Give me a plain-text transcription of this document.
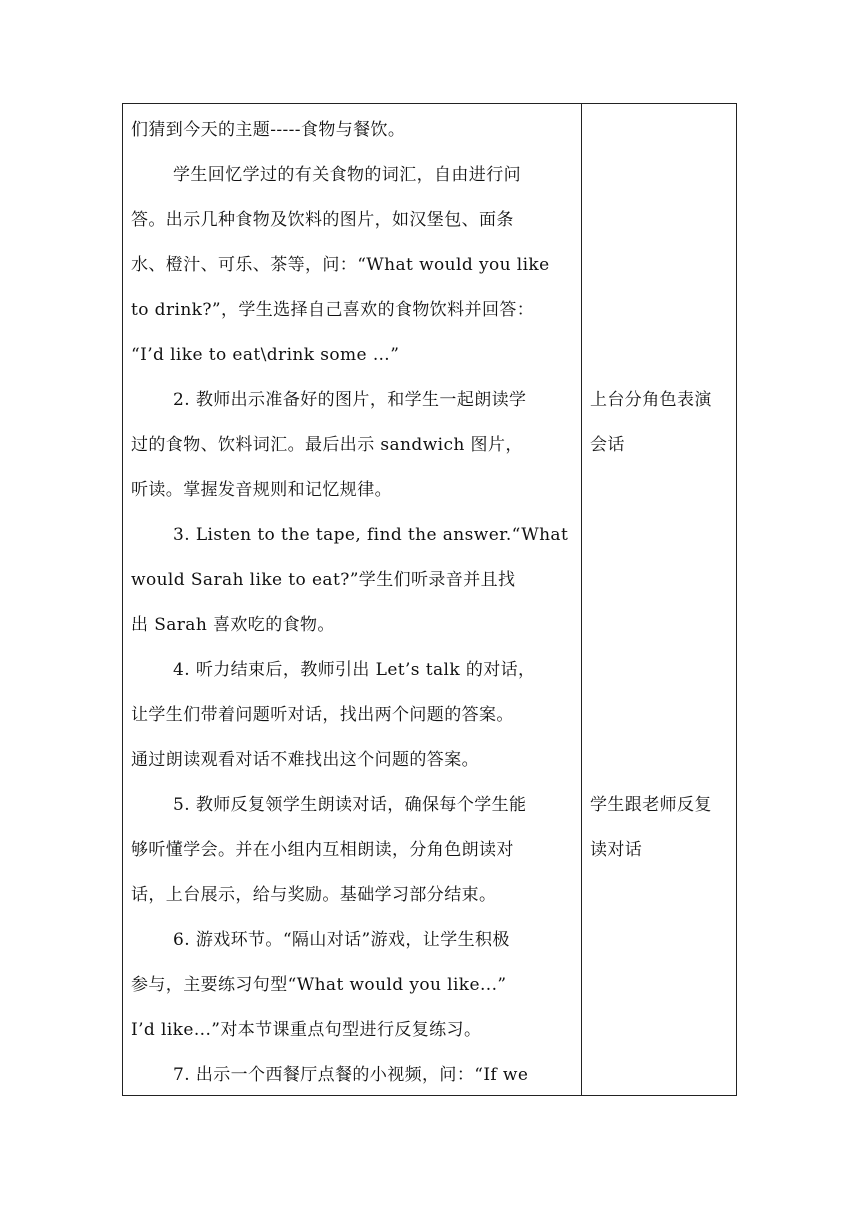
们猜到今天的主题-----食物与餐饮。
学生回忆学过的有关食物的词汇，自由进行问
答。出示几种食物及饮料的图片，如汉堡包、面条
水、橙汁、可乐、茶等，问：“What would you like
to drink?”，学生选择自己喜欢的食物饮料并回答：
“I’d like to eat\drink some …”
2. 教师出示准备好的图片，和学生一起朗读学
过的食物、饮料词汇。最后出示 sandwich 图片，
听读。掌握发音规则和记忆规律。
3. Listen to the tape, find the answer.“What
would Sarah like to eat?”学生们听录音并且找
出 Sarah 喜欢吃的食物。
4. 听力结束后，教师引出 Let’s talk 的对话，
让学生们带着问题听对话，找出两个问题的答案。
通过朗读观看对话不难找出这个问题的答案。
5. 教师反复领学生朗读对话，确保每个学生能
够听懂学会。并在小组内互相朗读，分角色朗读对
话，上台展示，给与奖励。基础学习部分结束。
6. 游戏环节。“隔山对话”游戏，让学生积极
参与，主要练习句型“What would you like...”
I’d like...”对本节课重点句型进行反复练习。
7. 出示一个西餐厅点餐的小视频，问：“If we
上台分角色表演
会话
学生跟老师反复
读对话
